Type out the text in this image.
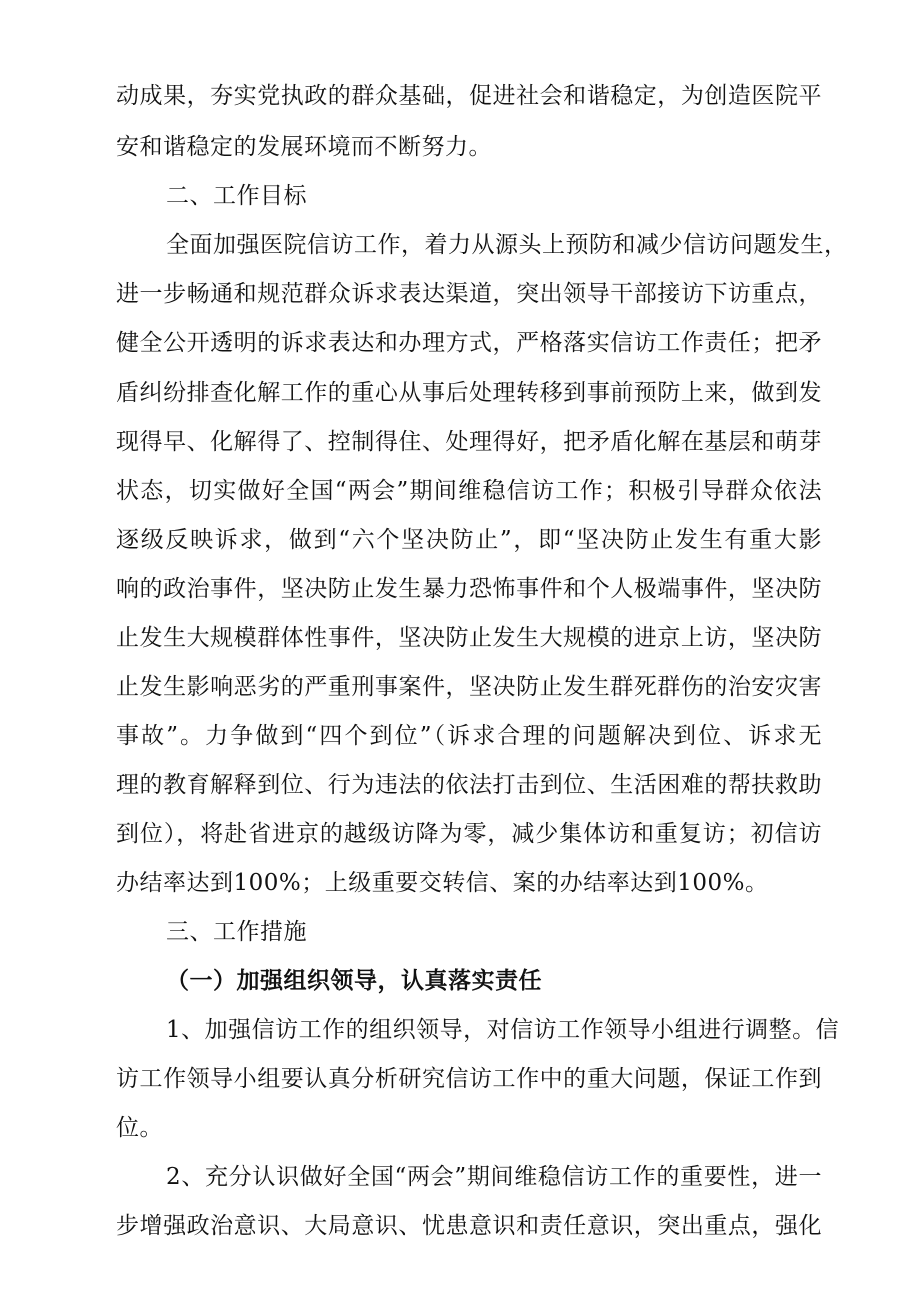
动成果，夯实党执政的群众基础，促进社会和谐稳定，为创造医院平
安和谐稳定的发展环境而不断努力。
二、工作目标
全面加强医院信访工作，着力从源头上预防和减少信访问题发生，
进一步畅通和规范群众诉求表达渠道，突出领导干部接访下访重点，
健全公开透明的诉求表达和办理方式，严格落实信访工作责任；把矛
盾纠纷排查化解工作的重心从事后处理转移到事前预防上来，做到发
现得早、化解得了、控制得住、处理得好，把矛盾化解在基层和萌芽
状态，切实做好全国“两会”期间维稳信访工作；积极引导群众依法
逐级反映诉求，做到“六个坚决防止”，即“坚决防止发生有重大影
响的政治事件，坚决防止发生暴力恐怖事件和个人极端事件，坚决防
止发生大规模群体性事件，坚决防止发生大规模的进京上访，坚决防
止发生影响恶劣的严重刑事案件，坚决防止发生群死群伤的治安灾害
事故”。力争做到“四个到位”（诉求合理的问题解决到位、诉求无
理的教育解释到位、行为违法的依法打击到位、生活困难的帮扶救助
到位），将赴省进京的越级访降为零，减少集体访和重复访；初信访
办结率达到100%；上级重要交转信、案的办结率达到100%。
三、工作措施
（一）加强组织领导，认真落实责任
1、加强信访工作的组织领导，对信访工作领导小组进行调整。信
访工作领导小组要认真分析研究信访工作中的重大问题，保证工作到
位。
2、充分认识做好全国“两会”期间维稳信访工作的重要性，进一
步增强政治意识、大局意识、忧患意识和责任意识，突出重点，强化
